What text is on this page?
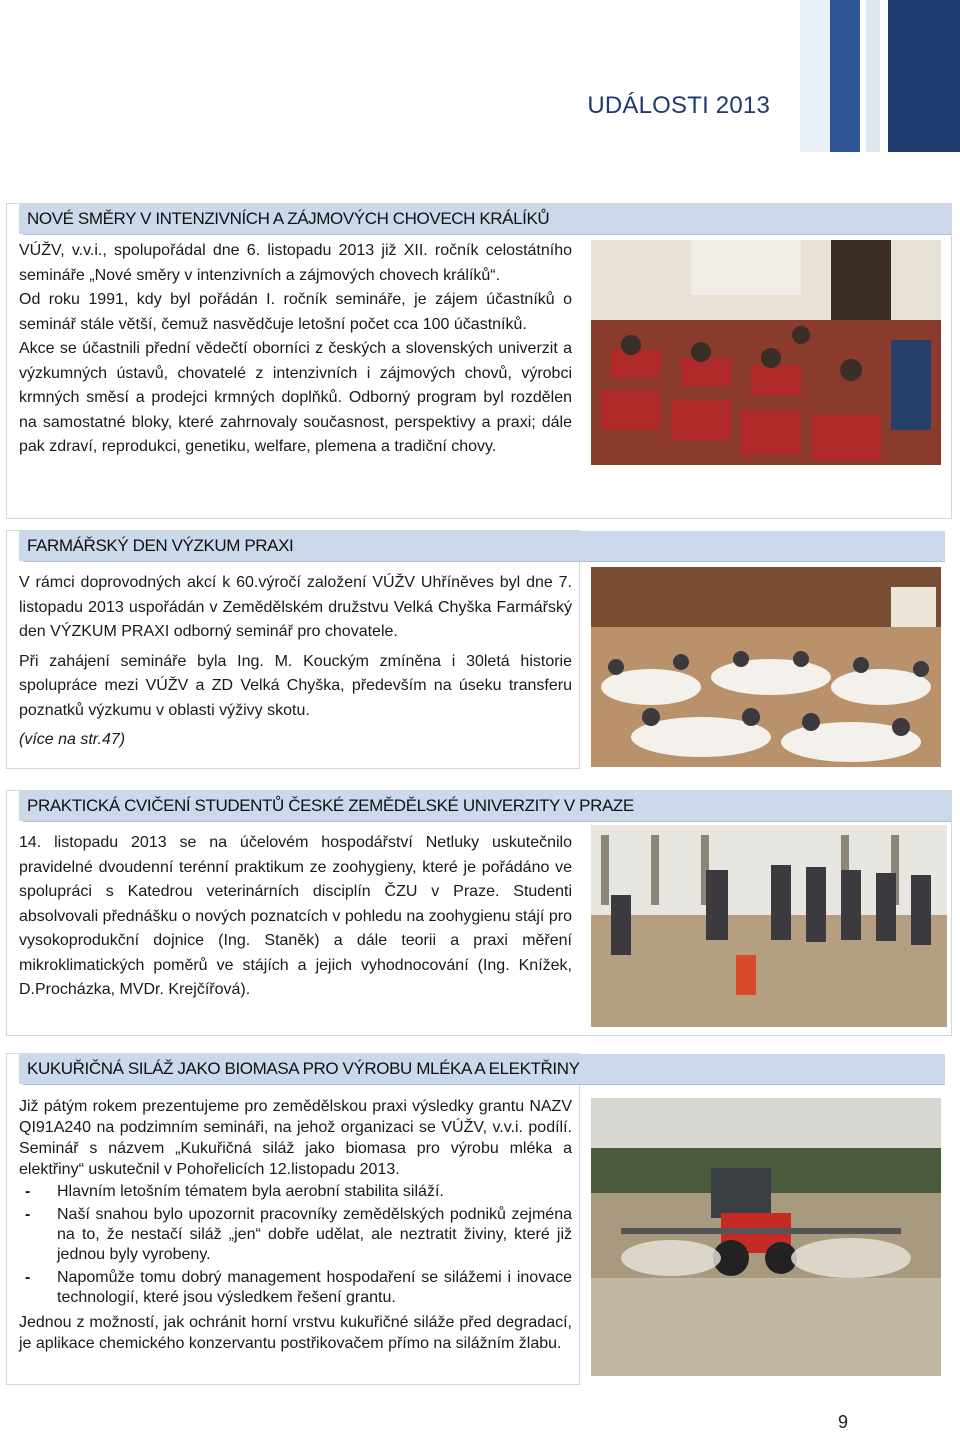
UDÁLOSTI 2013
NOVÉ SMĚRY V INTENZIVNÍCH A ZÁJMOVÝCH CHOVECH KRÁLÍKŮ

VÚŽV, v.v.i., spolupořádal dne 6. listopadu 2013 již XII. ročník celostátního semináře „Nové směry v intenzivních a zájmových chovech králíků“.

Od roku 1991, kdy byl pořádán I. ročník semináře, je zájem účastníků o seminář stále větší, čemuž nasvědčuje letošní počet cca 100 účastníků.

Akce se účastnili přední vědečtí oborníci z českých a slovenských univerzit a výzkumných ústavů, chovatelé z intenzivních i zájmových chovů, výrobci krmných směsí a prodejci krmných doplňků. Odborný program byl rozdělen na samostatné bloky, které zahrnovaly současnost, perspektivy a praxi; dále pak zdraví, reprodukci, genetiku, welfare, plemena a tradiční chovy.

FARMÁŘSKÝ DEN VÝZKUM PRAXI

V rámci doprovodných akcí k 60.výročí založení VÚŽV Uhříněves byl dne 7. listopadu 2013 uspořádán v Zemědělském družstvu Velká Chyška Farmářský den VÝZKUM PRAXI odborný seminář pro chovatele.

Při zahájení semináře byla Ing. M. Kouckým zmíněna i 30letá historie spolupráce mezi VÚŽV a ZD Velká Chyška, především na úseku transferu poznatků výzkumu v oblasti výživy skotu.

(více na str.47)

PRAKTICKÁ CVIČENÍ STUDENTŮ ČESKÉ ZEMĚDĚLSKÉ UNIVERZITY V PRAZE

14. listopadu 2013 se na účelovém hospodářství Netluky uskutečnilo pravidelné dvoudenní terénní praktikum ze zoohygieny, které je pořádáno ve spolupráci s Katedrou veterinárních disciplín ČZU v Praze. Studenti absolvovali přednášku o nových poznatcích v pohledu na zoohygienu stájí pro vysokoprodukční dojnice (Ing. Staněk) a dále teorii a praxi měření mikroklimatických poměrů ve stájích a jejich vyhodnocování (Ing. Knížek, D.Procházka, MVDr. Krejčířová).

KUKUŘIČNÁ SILÁŽ JAKO BIOMASA PRO VÝROBU MLÉKA A ELEKTŘINY

Již pátým rokem prezentujeme pro zemědělskou praxi výsledky grantu NAZV QI91A240 na podzimním semináři, na jehož organizaci se VÚŽV, v.v.i. podílí. Seminář s názvem „Kukuřičná siláž jako biomasa pro výrobu mléka a elektřiny“ uskutečnil v Pohořelicích 12.listopadu 2013.

- Hlavním letošním tématem byla aerobní stabilita siláží.
- Naší snahou bylo upozornit pracovníky zemědělských podniků zejména na to, že nestačí siláž „jen“ dobře udělat, ale neztratit živiny, které již jednou byly vyrobeny.
- Napomůže tomu dobrý management hospodaření se silážemi i inovace technologií, které jsou výsledkem řešení grantu.

Jednou z možností, jak ochránit horní vrstvu kukuřičné siláže před degradací, je aplikace chemického konzervantu postřikovačem přímo na silážním žlabu.

9
